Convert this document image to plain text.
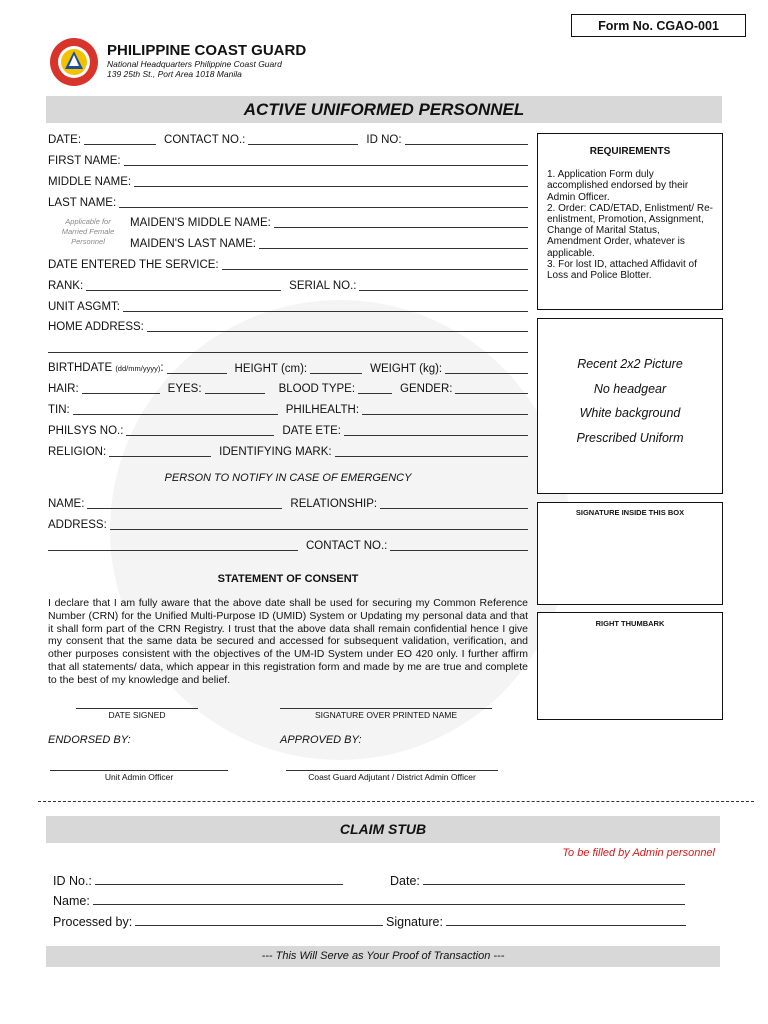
Form No. CGAO-001
PHILIPPINE COAST GUARD
National Headquarters Philippine Coast Guard
139 25th St., Port Area 1018 Manila
ACTIVE UNIFORMED PERSONNEL
DATE:	CONTACT NO.:	ID NO:
FIRST NAME:
MIDDLE NAME:
LAST NAME:
Applicable for Married Female Personnel
MAIDEN'S MIDDLE NAME:
MAIDEN'S LAST NAME:
DATE ENTERED THE SERVICE:
RANK:	SERIAL NO.:
UNIT ASGMT:
HOME ADDRESS:
BIRTHDATE (dd/mm/yyyy):	HEIGHT (cm):	WEIGHT (kg):
HAIR:	EYES:	BLOOD TYPE:	GENDER:
TIN:	PHILHEALTH:
PHILSYS NO.:	DATE ETE:
RELIGION:	IDENTIFYING MARK:
PERSON TO NOTIFY IN CASE OF EMERGENCY
NAME:	RELATIONSHIP:
ADDRESS:
CONTACT NO.:
STATEMENT OF CONSENT
I declare that I am fully aware that the above date shall be used for securing my Common Reference Number (CRN) for the Unified Multi-Purpose ID (UMID) System or Updating my personal data and that it shall form part of the CRN Registry. I trust that the above data shall remain confidential hence I give my consent that the same data be secured and accessed for subsequent validation, verification, and other purposes consistent with the objectives of the UM-ID System under EO 420 only. I further affirm that all statements/ data, which appear in this registration form and made by me are true and complete to the best of my knowledge and belief.
DATE SIGNED	SIGNATURE OVER PRINTED NAME
ENDORSED BY:	APPROVED BY:
Unit Admin Officer	Coast Guard Adjutant / District Admin Officer
REQUIREMENTS
1. Application Form duly accomplished endorsed by their Admin Officer.
2. Order: CAD/ETAD, Enlistment/ Re-enlistment, Promotion, Assignment, Change of Marital Status, Amendment Order, whatever is applicable.
3. For lost ID, attached Affidavit of Loss and Police Blotter.
Recent 2x2 Picture
No headgear
White background
Prescribed Uniform
SIGNATURE INSIDE THIS BOX
RIGHT THUMBARK
CLAIM STUB
To be filled by Admin personnel
ID No.:	Date:
Name:
Processed by:	Signature:
--- This Will Serve as Your Proof of Transaction ---
